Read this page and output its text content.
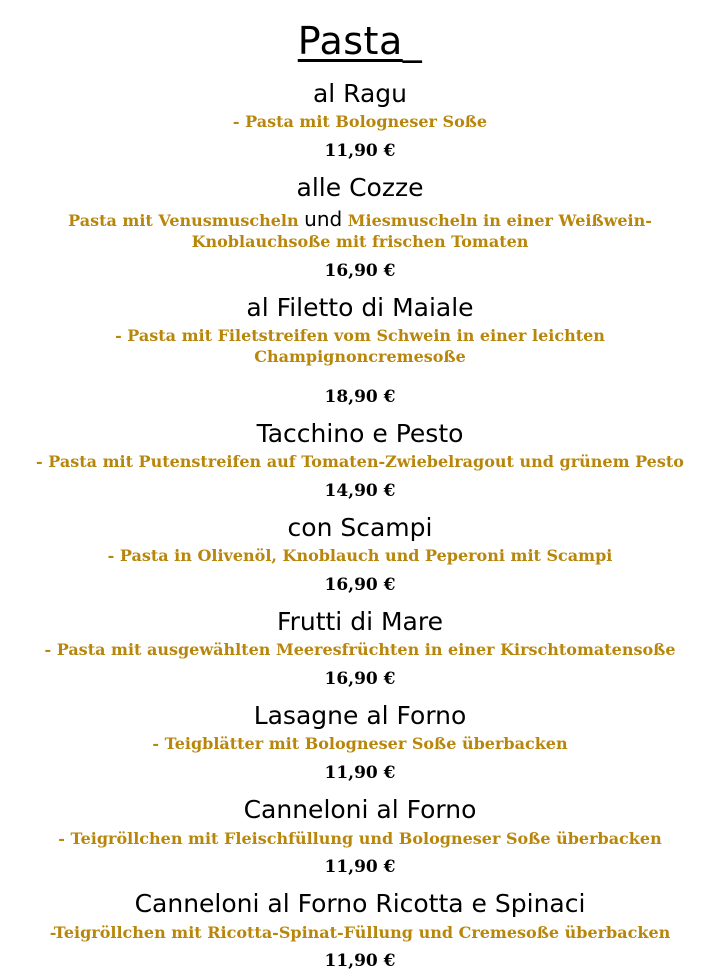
Pasta_
al Ragu

- Pasta mit Bologneser Soße

11,90 €

alle Cozze

Pasta mit Venusmuscheln und Miesmuscheln in einer Weißwein-
Knoblauchsoße mit frischen Tomaten

16,90 €

al Filetto di Maiale

- Pasta mit Filetstreifen vom Schwein in einer leichten
Champignoncremesoße

18,90 €

Tacchino e Pesto

- Pasta mit Putenstreifen auf Tomaten-Zwiebelragout und grünem Pesto

14,90 €

con Scampi

- Pasta in Olivenöl, Knoblauch und Peperoni mit Scampi

16,90 €

Frutti di Mare

- Pasta mit ausgewählten Meeresfrüchten in einer Kirschtomatensoße

16,90 €

Lasagne al Forno

- Teigblätter mit Bologneser Soße überbacken

11,90 €

Canneloni al Forno

- Teigröllchen mit Fleischfüllung und Bologneser Soße überbacken

11,90 €

Canneloni al Forno Ricotta e Spinaci

-Teigröllchen mit Ricotta-Spinat-Füllung und Cremesoße überbacken

11,90 €
